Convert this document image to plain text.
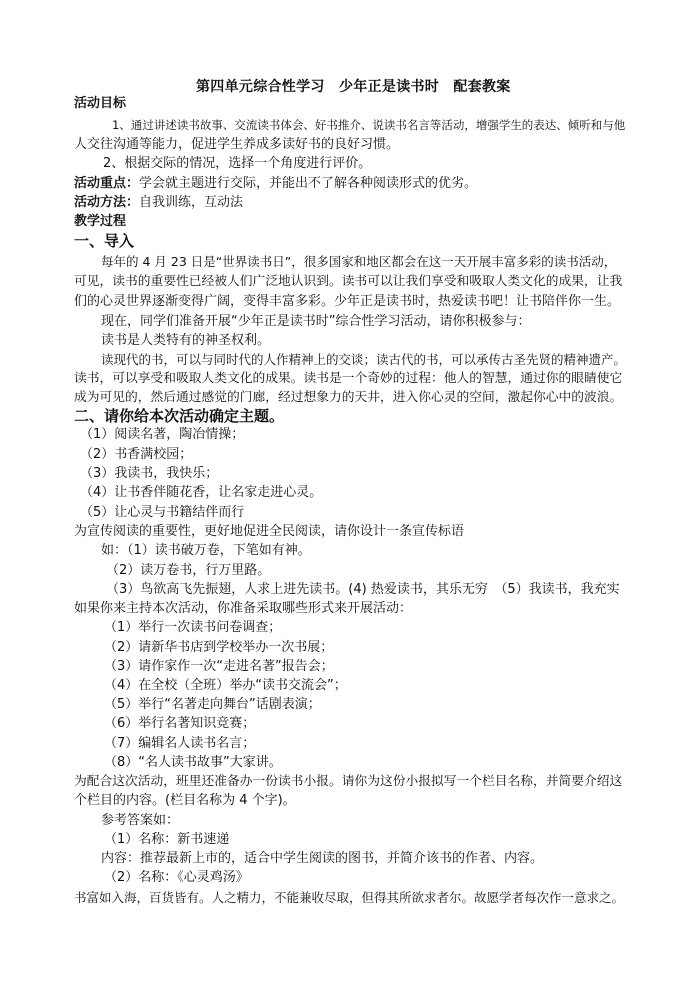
第四单元综合性学习　少年正是读书时　配套教案
活动目标
1、通过讲述读书故事、交流读书体会、好书推介、说读书名言等活动，增强学生的表达、倾听和与他
人交往沟通等能力，促进学生养成多读好书的良好习惯。
2、根据交际的情况，选择一个角度进行评价。
活动重点：学会就主题进行交际，并能出不了解各种阅读形式的优劣。
活动方法：自我训练，互动法
教学过程
一、导入
每年的 4 月 23 日是“世界读书日”，很多国家和地区都会在这一天开展丰富多彩的读书活动，
可见，读书的重要性已经被人们广泛地认识到。读书可以让我们享受和吸取人类文化的成果，让我
们的心灵世界逐渐变得广阔，变得丰富多彩。少年正是读书时，热爱读书吧！让书陪伴你一生。
现在，同学们准备开展“少年正是读书时”综合性学习活动，请你积极参与：
读书是人类特有的神圣权利。
读现代的书，可以与同时代的人作精神上的交谈；读古代的书，可以承传古圣先贤的精神遗产。
读书，可以享受和吸取人类文化的成果。读书是一个奇妙的过程：他人的智慧，通过你的眼睛使它
成为可见的，然后通过感觉的门廊，经过想象力的天井，进入你心灵的空间，激起你心中的波浪。
二、请你给本次活动确定主题。
（1）阅读名著，陶冶情操；
（2）书香满校园；
（3）我读书，我快乐；
（4）让书香伴随花香，让名家走进心灵。
（5）让心灵与书籍结伴而行
为宣传阅读的重要性，更好地促进全民阅读，请你设计一条宣传标语
如：（1）读书破万卷，下笔如有神。
（2）读万卷书，行万里路。
（3）鸟欲高飞先振翅，人求上进先读书。(4) 热爱读书，其乐无穷　（5）我读书，我充实
如果你来主持本次活动，你准备采取哪些形式来开展活动：
（1）举行一次读书问卷调查；
（2）请新华书店到学校举办一次书展；
（3）请作家作一次“走进名著”报告会；
（4）在全校（全班）举办“读书交流会”；
（5）举行“名著走向舞台”话剧表演；
（6）举行名著知识竞赛；
（7）编辑名人读书名言；
（8）“名人读书故事”大家讲。
为配合这次活动，班里还准备办一份读书小报。请你为这份小报拟写一个栏目名称，并简要介绍这
个栏目的内容。(栏目名称为 4 个字)。
参考答案如：
（1）名称：新书速递
内容：推荐最新上市的，适合中学生阅读的图书，并简介该书的作者、内容。
（2）名称：《心灵鸡汤》
书富如入海，百货皆有。人之精力，不能兼收尽取，但得其所欲求者尔。故愿学者每次作一意求之。
